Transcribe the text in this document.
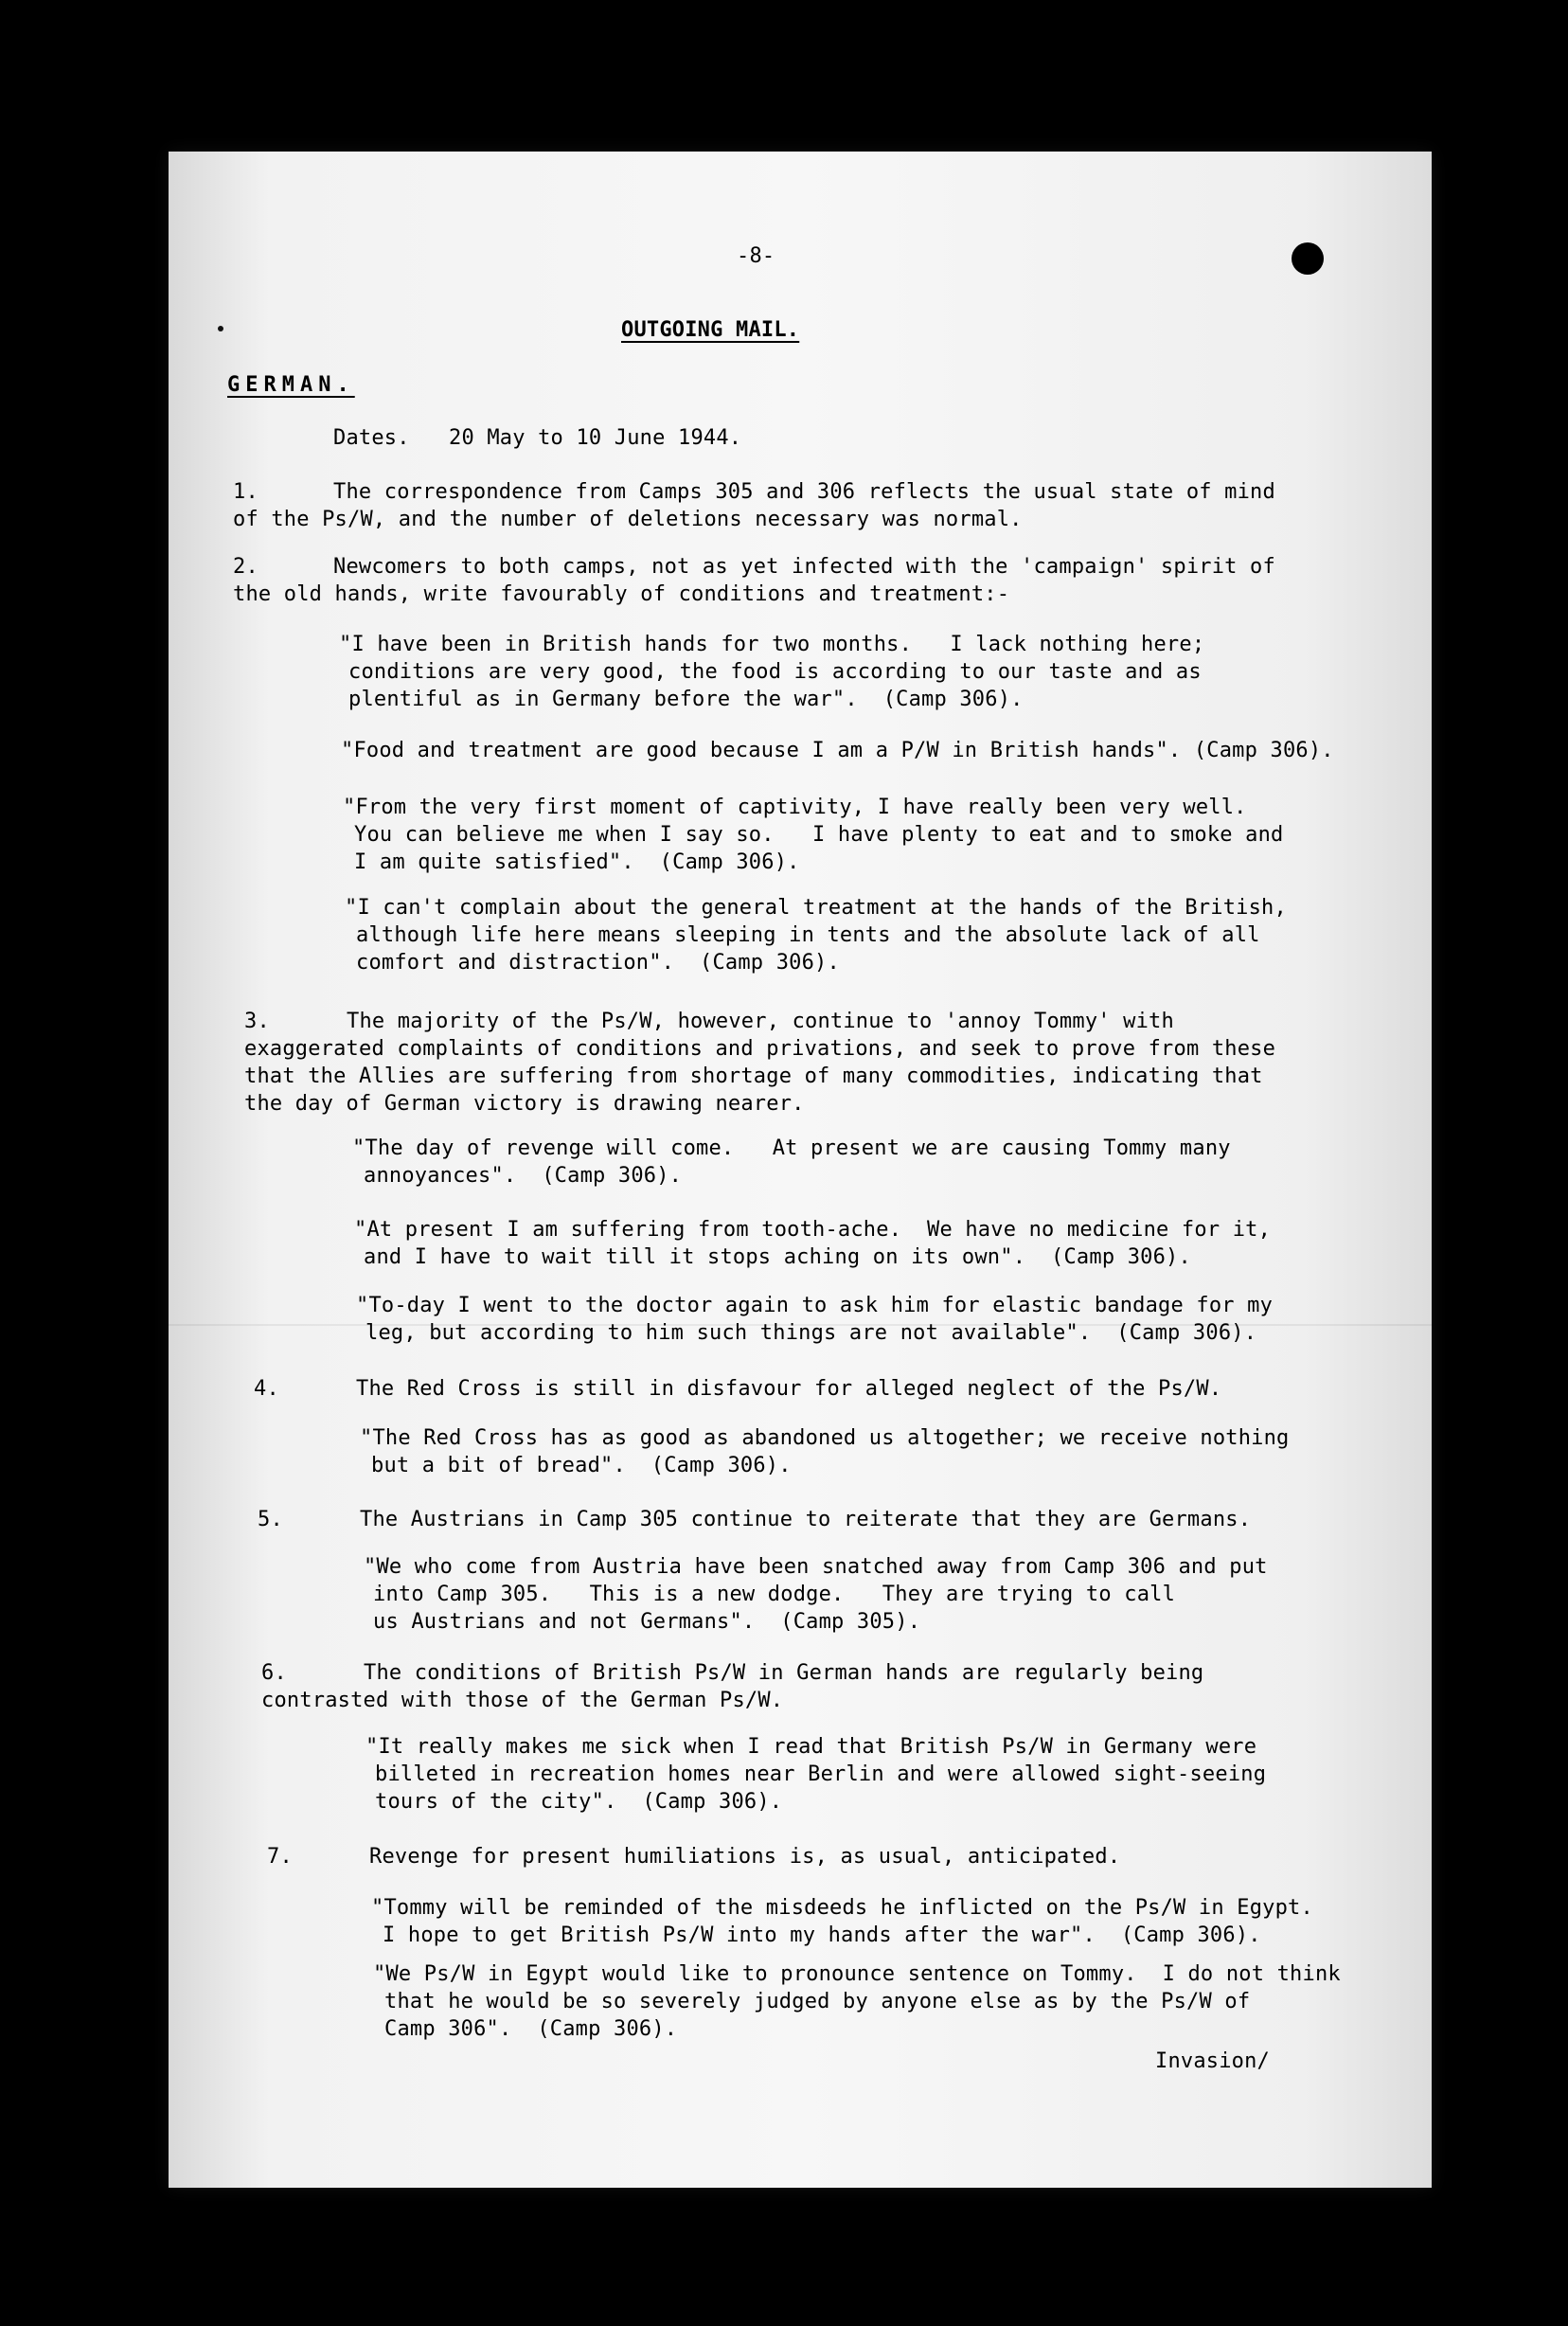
-8-
OUTGOING MAIL.
GERMAN.
Dates. 20 May to 10 June 1944.
1.	The correspondence from Camps 305 and 306 reflects the usual state of mind
of the Ps/W, and the number of deletions necessary was normal.
2.	Newcomers to both camps, not as yet infected with the 'campaign' spirit of
the old hands, write favourably of conditions and treatment:-
"I have been in British hands for two months.   I lack nothing here;
conditions are very good, the food is according to our taste and as
plentiful as in Germany before the war".  (Camp 306).
"Food and treatment are good because I am a P/W in British hands". (Camp 306).
"From the very first moment of captivity, I have really been very well.
You can believe me when I say so.   I have plenty to eat and to smoke and
I am quite satisfied".  (Camp 306).
"I can't complain about the general treatment at the hands of the British,
although life here means sleeping in tents and the absolute lack of all
comfort and distraction".  (Camp 306).
3.	The majority of the Ps/W, however, continue to 'annoy Tommy' with
exaggerated complaints of conditions and privations, and seek to prove from these
that the Allies are suffering from shortage of many commodities, indicating that
the day of German victory is drawing nearer.
"The day of revenge will come.   At present we are causing Tommy many
annoyances".  (Camp 306).
"At present I am suffering from tooth-ache.  We have no medicine for it,
and I have to wait till it stops aching on its own".  (Camp 306).
"To-day I went to the doctor again to ask him for elastic bandage for my
leg, but according to him such things are not available".  (Camp 306).
4.	The Red Cross is still in disfavour for alleged neglect of the Ps/W.
"The Red Cross has as good as abandoned us altogether; we receive nothing
but a bit of bread".  (Camp 306).
5.	The Austrians in Camp 305 continue to reiterate that they are Germans.
"We who come from Austria have been snatched away from Camp 306 and put
into Camp 305.   This is a new dodge.   They are trying to call
us Austrians and not Germans".  (Camp 305).
6.	The conditions of British Ps/W in German hands are regularly being
contrasted with those of the German Ps/W.
"It really makes me sick when I read that British Ps/W in Germany were
billeted in recreation homes near Berlin and were allowed sight-seeing
tours of the city".  (Camp 306).
7.	Revenge for present humiliations is, as usual, anticipated.
"Tommy will be reminded of the misdeeds he inflicted on the Ps/W in Egypt.
I hope to get British Ps/W into my hands after the war".  (Camp 306).
"We Ps/W in Egypt would like to pronounce sentence on Tommy.  I do not think
that he would be so severely judged by anyone else as by the Ps/W of
Camp 306".  (Camp 306).
Invasion/
